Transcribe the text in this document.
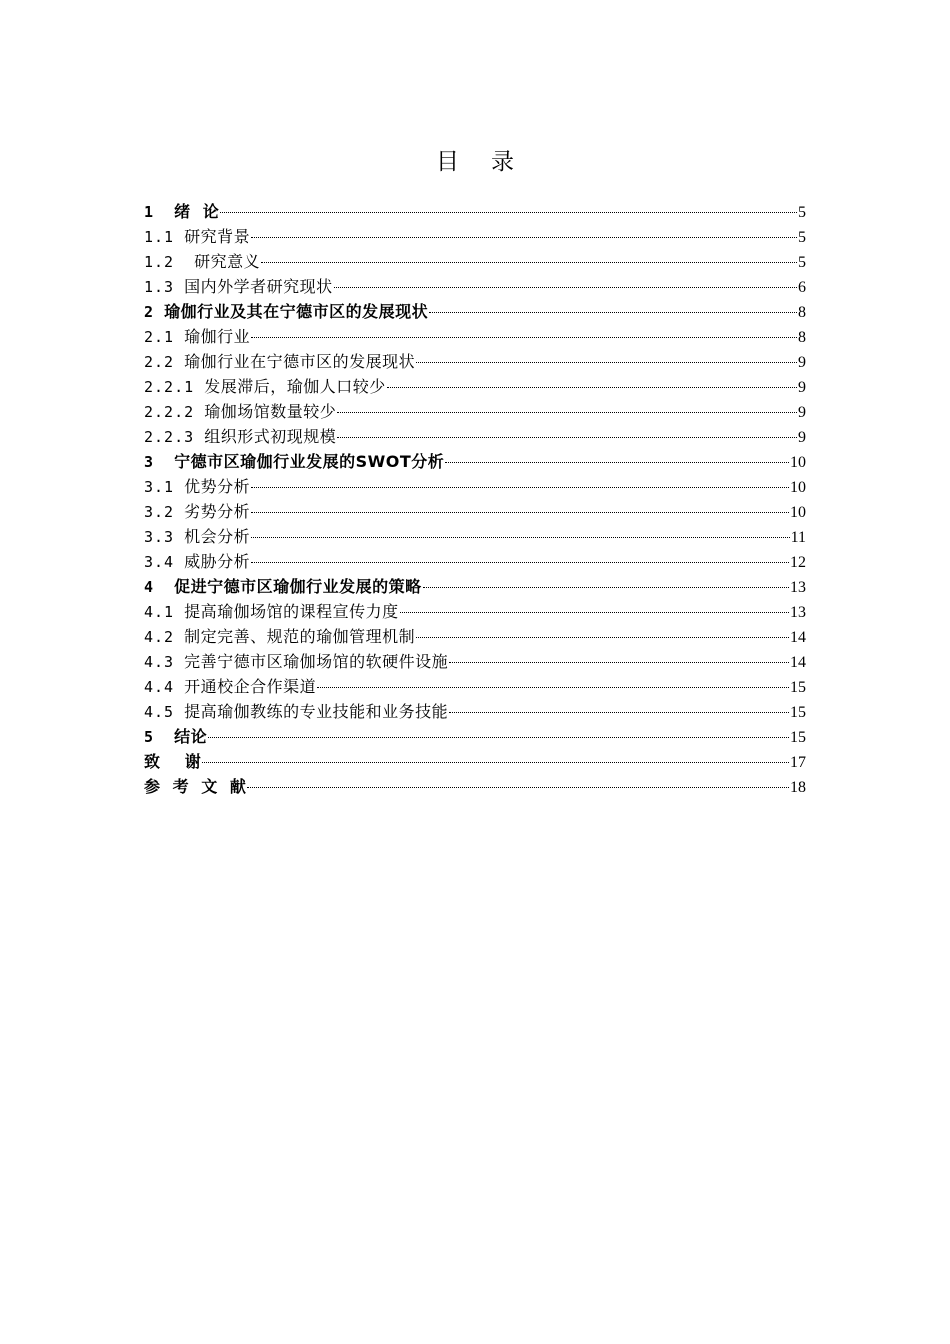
目录
1 绪  论	5
1.1 研究背景	5
1.2 研究意义	5
1.3 国内外学者研究现状	6
2 瑜伽行业及其在宁德市区的发展现状	8
2.1 瑜伽行业	8
2.2 瑜伽行业在宁德市区的发展现状	9
2.2.1 发展滞后，瑜伽人口较少	9
2.2.2 瑜伽场馆数量较少	9
2.2.3 组织形式初现规模	9
3 宁德市区瑜伽行业发展的SWOT分析	10
3.1 优势分析	10
3.2 劣势分析	10
3.3 机会分析	11
3.4 威胁分析	12
4 促进宁德市区瑜伽行业发展的策略	13
4.1 提高瑜伽场馆的课程宣传力度	13
4.2 制定完善、规范的瑜伽管理机制	14
4.3 完善宁德市区瑜伽场馆的软硬件设施	14
4.4 开通校企合作渠道	15
4.5 提高瑜伽教练的专业技能和业务技能	15
5 结论	15
致    谢	17
参  考  文  献	18
